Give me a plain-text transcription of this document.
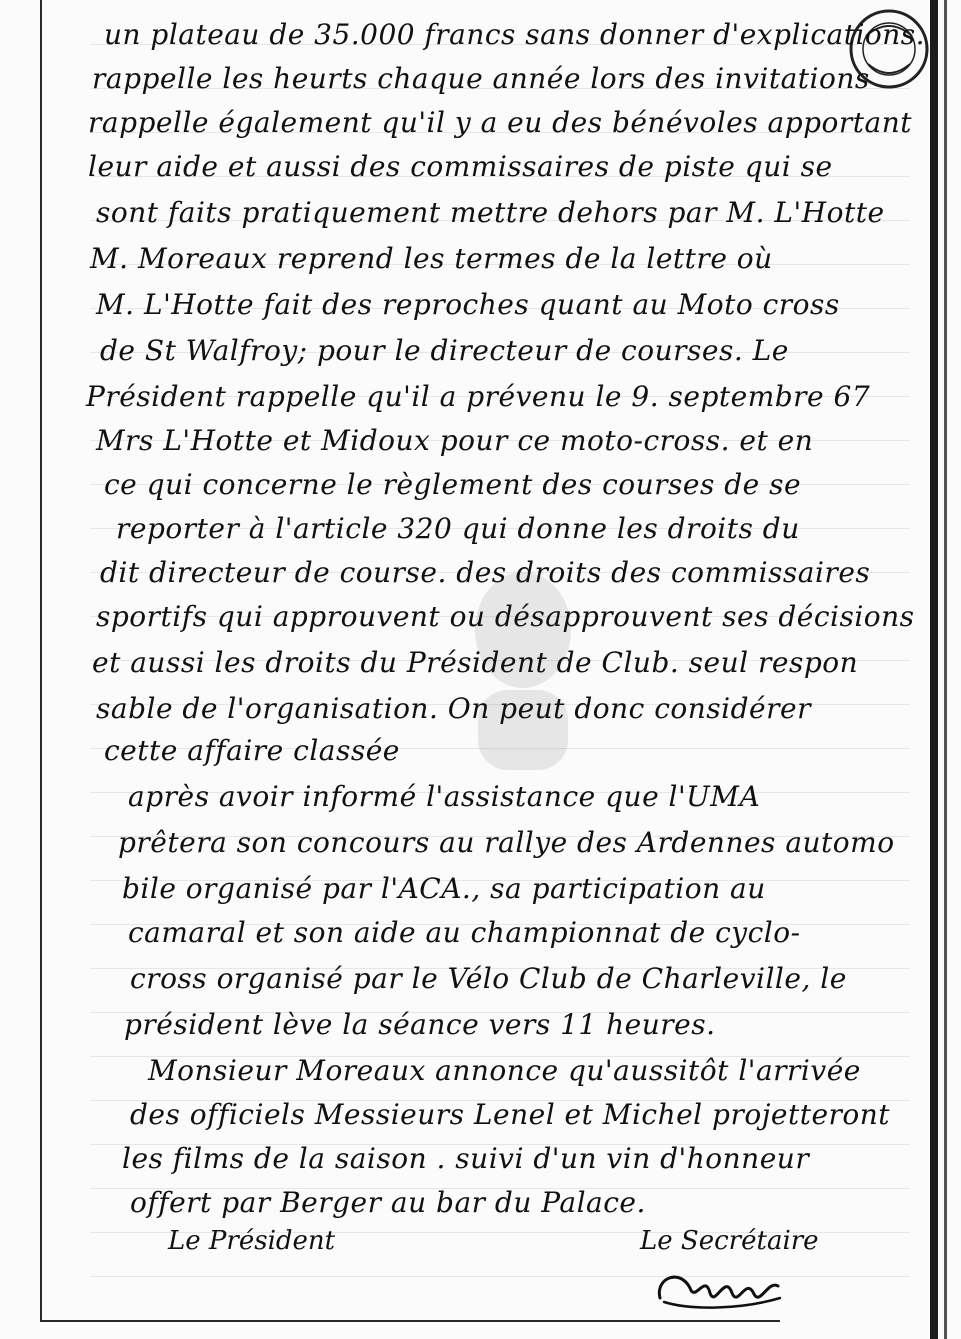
un plateau de 35.000 francs sans donner d'explications.
rappelle les heurts chaque année lors des invitations
rappelle également qu'il y a eu des bénévoles apportant
leur aide et aussi des commissaires de piste qui se
sont faits pratiquement mettre dehors par M. L'Hotte
M. Moreaux reprend les termes de la lettre où
M. L'Hotte fait des reproches quant au Moto cross
de St Walfroy; pour le directeur de courses. Le
Président rappelle qu'il a prévenu le 9. septembre 67
Mrs L'Hotte et Midoux pour ce moto-cross. et en
ce qui concerne le règlement des courses de se
reporter à l'article 320 qui donne les droits du
dit directeur de course. des droits des commissaires
sportifs qui approuvent ou désapprouvent ses décisions
et aussi les droits du Président de Club. seul respon
sable de l'organisation. On peut donc considérer
cette affaire classée
après avoir informé l'assistance que l'UMA
prêtera son concours au rallye des Ardennes automo
bile organisé par l'ACA., sa participation au
camaral et son aide au championnat de cyclo-
cross organisé par le Vélo Club de Charleville, le
président lève la séance vers 11 heures.
Monsieur Moreaux annonce qu'aussitôt l'arrivée
des officiels Messieurs Lenel et Michel projetteront
les films de la saison . suivi d'un vin d'honneur
offert par Berger au bar du Palace.
Le Président	Le Secrétaire
